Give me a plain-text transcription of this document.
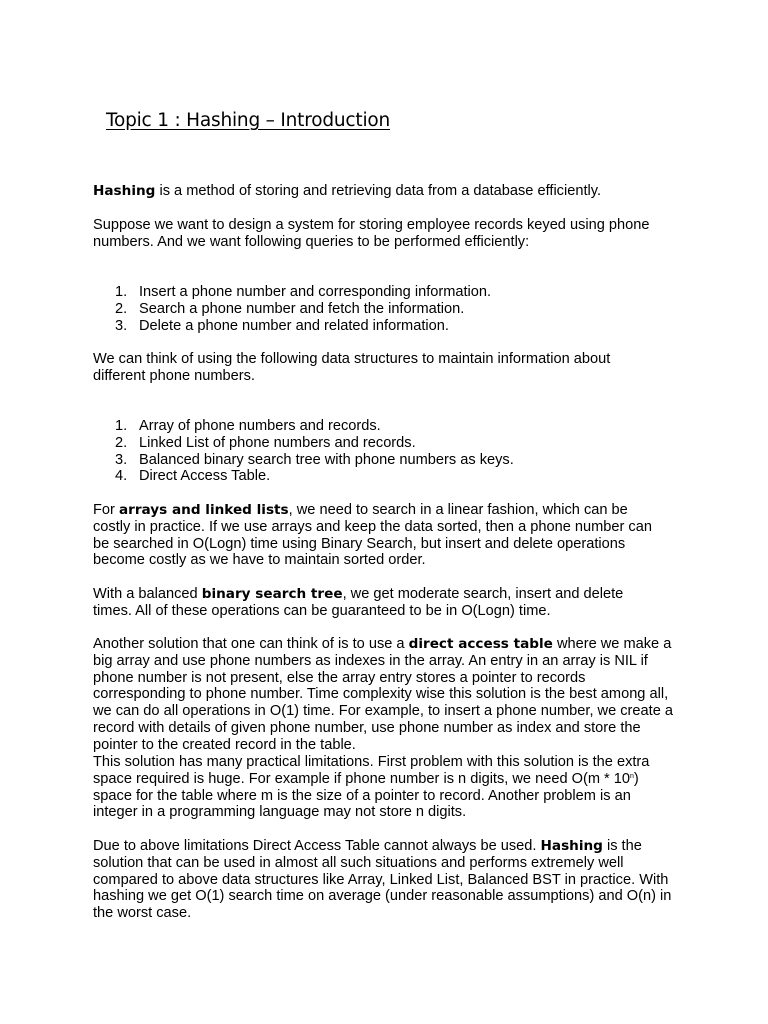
Topic 1 : Hashing – Introduction

Hashing is a method of storing and retrieving data from a database efficiently.

Suppose we want to design a system for storing employee records keyed using phone numbers. And we want following queries to be performed efficiently:

1. Insert a phone number and corresponding information.
2. Search a phone number and fetch the information.
3. Delete a phone number and related information.

We can think of using the following data structures to maintain information about different phone numbers.

1. Array of phone numbers and records.
2. Linked List of phone numbers and records.
3. Balanced binary search tree with phone numbers as keys.
4. Direct Access Table.

For arrays and linked lists, we need to search in a linear fashion, which can be costly in practice. If we use arrays and keep the data sorted, then a phone number can be searched in O(Logn) time using Binary Search, but insert and delete operations become costly as we have to maintain sorted order.

With a balanced binary search tree, we get moderate search, insert and delete times. All of these operations can be guaranteed to be in O(Logn) time.

Another solution that one can think of is to use a direct access table where we make a big array and use phone numbers as indexes in the array. An entry in an array is NIL if phone number is not present, else the array entry stores a pointer to records corresponding to phone number. Time complexity wise this solution is the best among all, we can do all operations in O(1) time. For example, to insert a phone number, we create a record with details of given phone number, use phone number as index and store the pointer to the created record in the table.

This solution has many practical limitations. First problem with this solution is the extra space required is huge. For example if phone number is n digits, we need O(m * 10$^n$) space for the table where m is the size of a pointer to record. Another problem is an integer in a programming language may not store n digits.

Due to above limitations Direct Access Table cannot always be used. Hashing is the solution that can be used in almost all such situations and performs extremely well compared to above data structures like Array, Linked List, Balanced BST in practice. With hashing we get O(1) search time on average (under reasonable assumptions) and O(n) in the worst case.
